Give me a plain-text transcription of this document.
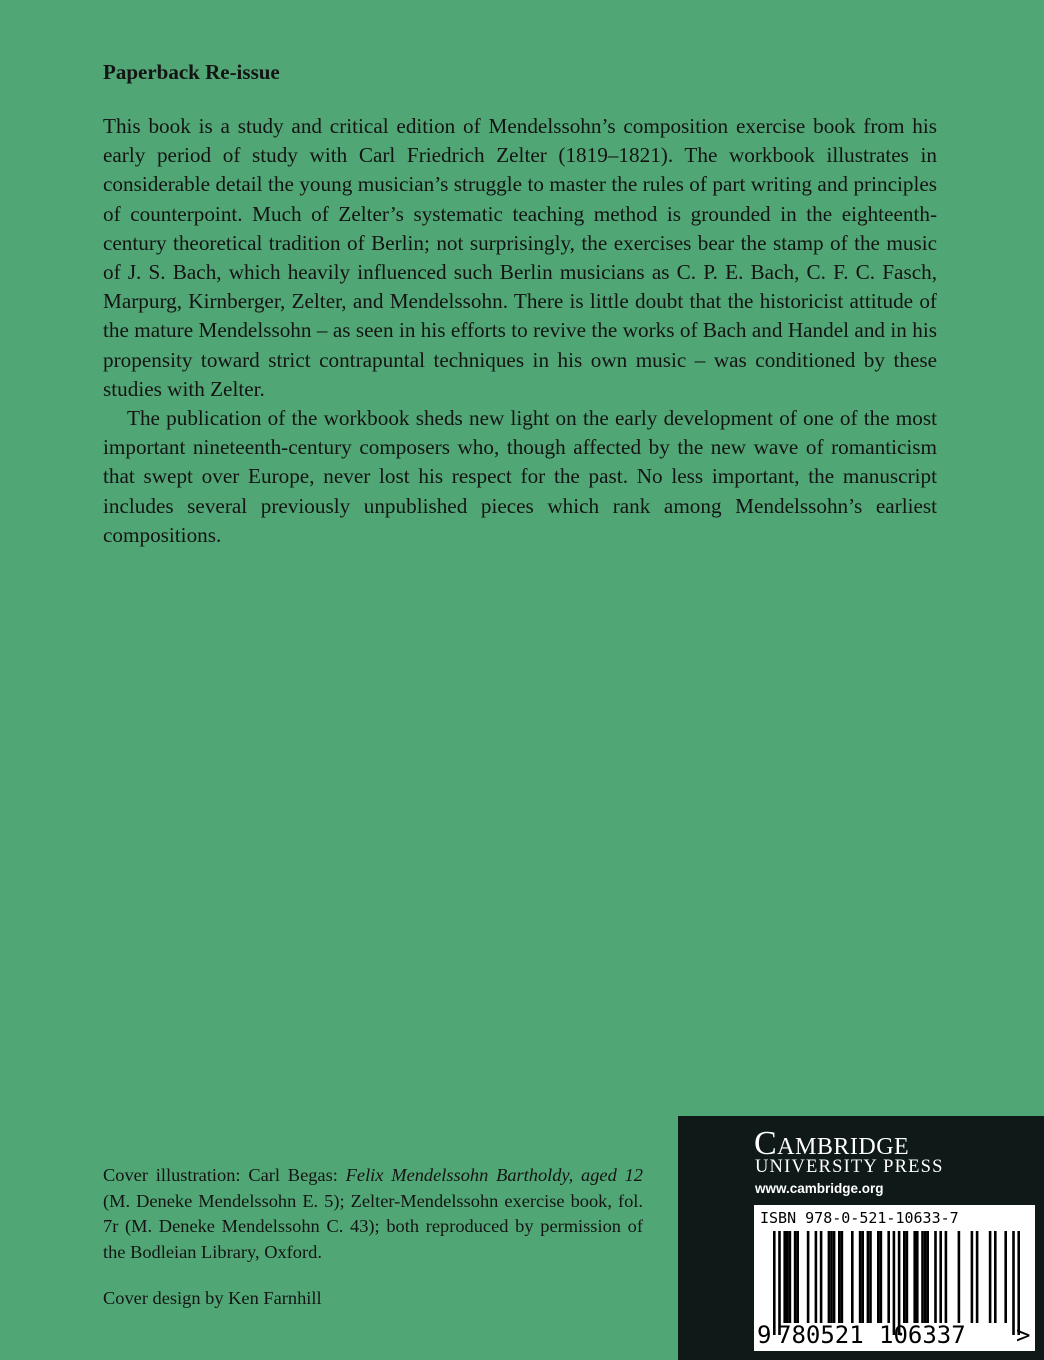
Paperback Re-issue

This book is a study and critical edition of Mendelssohn’s composition exercise book from his early period of study with Carl Friedrich Zelter (1819–1821). The workbook illustrates in considerable detail the young musician’s struggle to master the rules of part writing and principles of counterpoint. Much of Zelter’s systematic teaching method is grounded in the eighteenth-century theoretical tradition of Berlin; not surprisingly, the exercises bear the stamp of the music of J. S. Bach, which heavily influenced such Berlin musicians as C. P. E. Bach, C. F. C. Fasch, Marpurg, Kirnberger, Zelter, and Mendelssohn. There is little doubt that the historicist attitude of the mature Mendelssohn – as seen in his efforts to revive the works of Bach and Handel and in his propensity toward strict contrapuntal techniques in his own music – was conditioned by these studies with Zelter.

The publication of the workbook sheds new light on the early development of one of the most important nineteenth-century composers who, though affected by the new wave of romanticism that swept over Europe, never lost his respect for the past. No less important, the manuscript includes several previously unpublished pieces which rank among Mendelssohn’s earliest compositions.

Cover illustration: Carl Begas: Felix Mendelssohn Bartholdy, aged 12 (M. Deneke Mendelssohn E. 5); Zelter-Mendelssohn exercise book, fol. 7r (M. Deneke Mendelssohn C. 43); both reproduced by permission of the Bodleian Library, Oxford.

Cover design by Ken Farnhill

Cambridge

UNIVERSITY PRESS

www.cambridge.org

ISBN 978-0-521-10633-7
9 780521 106337 >
